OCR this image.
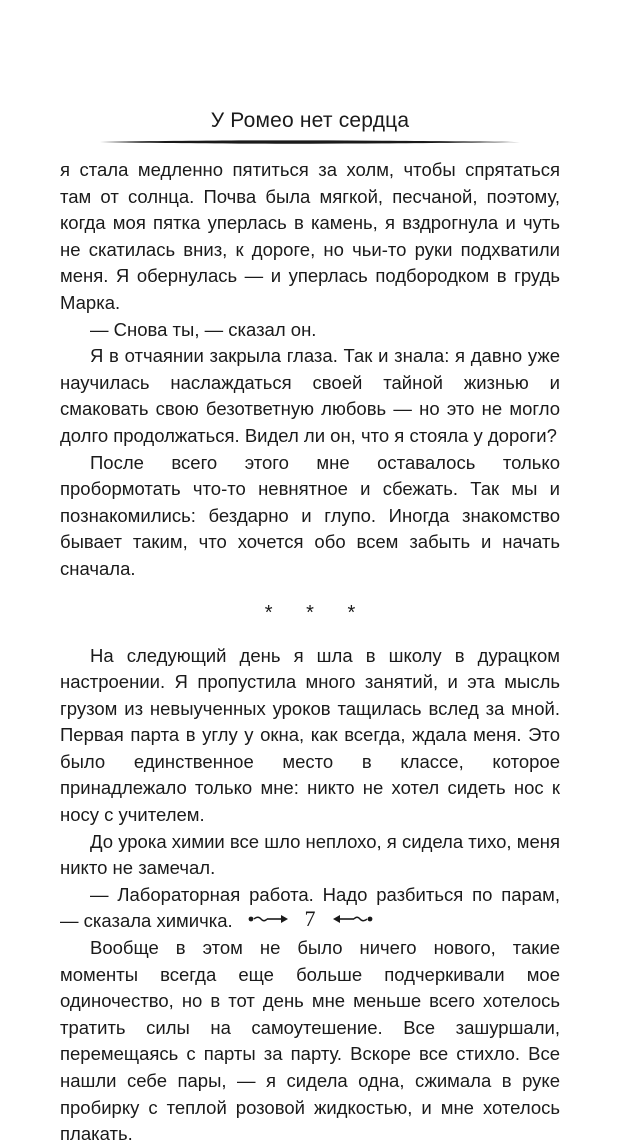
У Ромео нет сердца

я стала медленно пятиться за холм, чтобы спрятаться там от солнца. Почва была мягкой, песчаной, поэтому, когда моя пятка уперлась в камень, я вздрогнула и чуть не скатилась вниз, к дороге, но чьи-то руки подхватили меня. Я обернулась — и уперлась подбородком в грудь Марка.

— Снова ты, — сказал он.

Я в отчаянии закрыла глаза. Так и знала: я давно уже научилась наслаждаться своей тайной жизнью и смаковать свою безответную любовь — но это не могло долго продолжаться. Видел ли он, что я стояла у дороги?

После всего этого мне оставалось только пробормотать что-то невнятное и сбежать. Так мы и познакомились: бездарно и глупо. Иногда знакомство бывает таким, что хочется обо всем забыть и начать сначала.

* * *

На следующий день я шла в школу в дурацком настроении. Я пропустила много занятий, и эта мысль грузом из невыученных уроков тащилась вслед за мной. Первая парта в углу у окна, как всегда, ждала меня. Это было единственное место в классе, которое принадлежало только мне: никто не хотел сидеть нос к носу с учителем.

До урока химии все шло неплохо, я сидела тихо, меня никто не замечал.

— Лабораторная работа. Надо разбиться по парам, — сказала химичка.

Вообще в этом не было ничего нового, такие моменты всегда еще больше подчеркивали мое одиночество, но в тот день мне меньше всего хотелось тратить силы на самоутешение. Все зашуршали, перемещаясь с парты за парту. Вскоре все стихло. Все нашли себе пары, — я сидела одна, сжимала в руке пробирку с теплой розовой жидкостью, и мне хотелось плакать.

7
